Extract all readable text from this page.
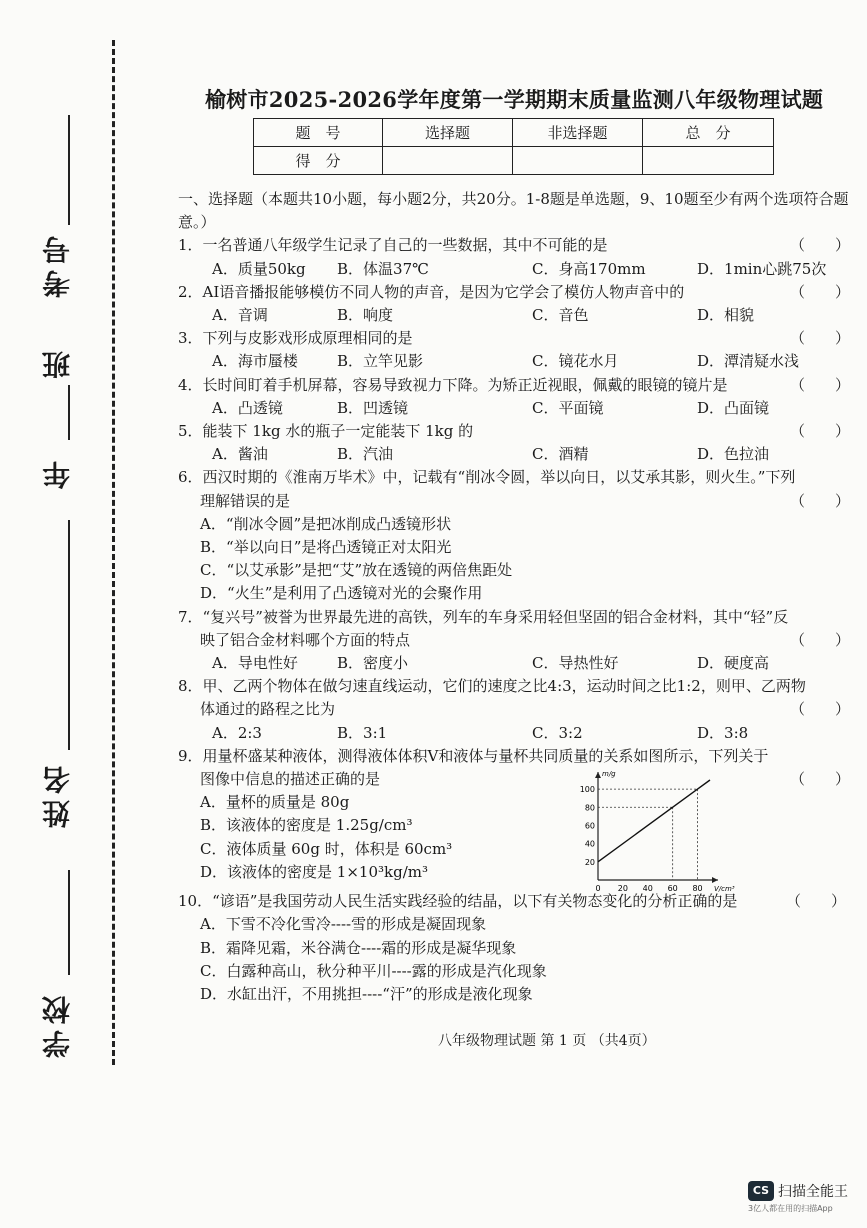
考号
班
年
姓名
学校
榆树市2025-2026学年度第一学期期末质量监测八年级物理试题
题　号	选择题	非选择题	总　分
得　分			
一、选择题（本题共10小题，每小题2分，共20分。1-8题是单选题，9、10题至少有两个选项符合题意。）
1．一名普通八年级学生记录了自己的一些数据，其中不可能的是	（　　）
A．质量50kg	B．体温37℃	C．身高170mm	D．1min心跳75次
2．AI语音播报能够模仿不同人物的声音，是因为它学会了模仿人物声音中的	（　　）
A．音调	B．响度	C．音色	D．相貌
3．下列与皮影戏形成原理相同的是	（　　）
A．海市蜃楼	B．立竿见影	C．镜花水月	D．潭清疑水浅
4．长时间盯着手机屏幕，容易导致视力下降。为矫正近视眼，佩戴的眼镜的镜片是	（　　）
A．凸透镜	B．凹透镜	C．平面镜	D．凸面镜
5．能装下 1kg 水的瓶子一定能装下 1kg 的	（　　）
A．酱油	B．汽油	C．酒精	D．色拉油
6．西汉时期的《淮南万毕术》中，记载有“削冰令圆，举以向日，以艾承其影，则火生。”下列
理解错误的是	（　　）
A．“削冰令圆”是把冰削成凸透镜形状
B．“举以向日”是将凸透镜正对太阳光
C．“以艾承影”是把“艾”放在透镜的两倍焦距处
D．“火生”是利用了凸透镜对光的会聚作用
7．“复兴号”被誉为世界最先进的高铁，列车的车身采用轻但坚固的铝合金材料，其中“轻”反
映了铝合金材料哪个方面的特点	（　　）
A．导电性好	B．密度小	C．导热性好	D．硬度高
8．甲、乙两个物体在做匀速直线运动，它们的速度之比4:3，运动时间之比1:2，则甲、乙两物
体通过的路程之比为	（　　）
A．2:3	B．3:1	C．3:2	D．3:8
9．用量杯盛某种液体，测得液体体积V和液体与量杯共同质量的关系如图所示，下列关于
图像中信息的描述正确的是	（　　）
A．量杯的质量是 80g
B．该液体的密度是 1.25g/cm³
C．液体质量 60g 时，体积是 60cm³
D．该液体的密度是 1×10³kg/m³
10．“谚语”是我国劳动人民生活实践经验的结晶，以下有关物态变化的分析正确的是	（　　）
A．下雪不冷化雪冷----雪的形成是凝固现象
B．霜降见霜，米谷满仓----霜的形成是凝华现象
C．白露种高山，秋分种平川----露的形成是汽化现象
D．水缸出汗，不用挑担----“汗”的形成是液化现象
0 20 40 60 80
20
40
60
80
100
V/cm³
m/g
八年级物理试题 第 1 页 （共4页）
CS 扫描全能王
3亿人都在用的扫描App
